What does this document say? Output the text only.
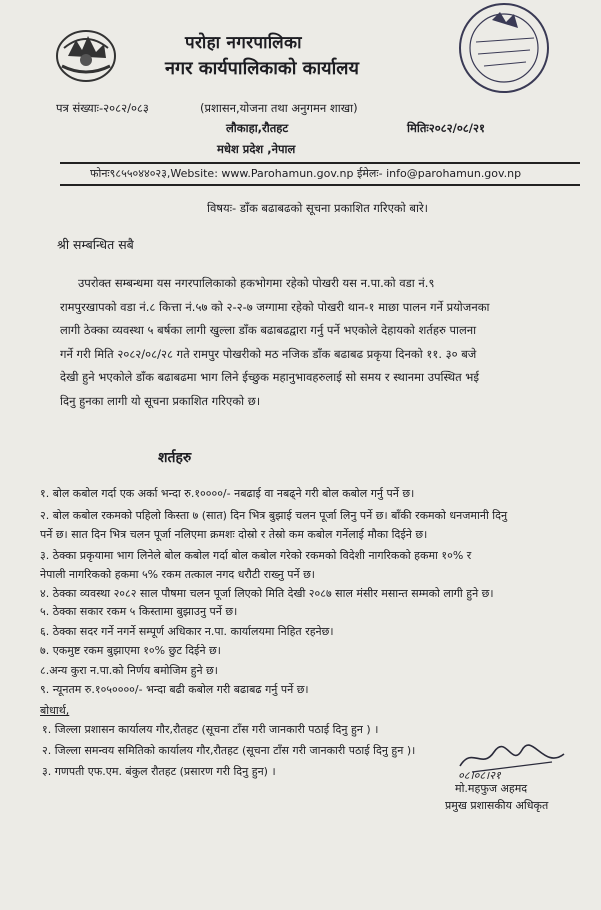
परोहा नगरपालिका
नगर कार्यपालिकाको कार्यालय
पत्र संख्याः-२०८२/०८३	(प्रशासन,योजना तथा अनुगमन शाखा)
लौकाहा,रौतहट	मितिः२०८२/०८/२१
मधेश प्रदेश ,नेपाल
फोनः९८५५०४४०२३,Website: www.Parohamun.gov.np ईमेलः- info@parohamun.gov.np
विषयः- डाँक बढाबढको सूचना प्रकाशित गरिएको बारे।
श्री सम्बन्धित सबै
उपरोक्त सम्बन्धमा यस नगरपालिकाको हकभोगमा रहेको पोखरी यस न.पा.को वडा नं.९
रामपुरखापको वडा नं.८ कित्ता नं.५७ को २-२-७ जग्गामा रहेको पोखरी थान-१ माछा पालन गर्ने प्रयोजनका
लागी ठेक्का व्यवस्था ५ बर्षका लागी खुल्ला डाँक बढाबढद्वारा गर्नु पर्ने भएकोले देहायको शर्तहरु पालना
गर्ने गरी मिति २०८२/०८/२८ गते रामपुर पोखरीको मठ नजिक डाँक बढाबढ प्रकृया दिनको ११. ३० बजे
देखी हुने भएकोले डाँक बढाबढमा भाग लिने ईच्छुक महानुभावहरुलाई सो समय र स्थानमा उपस्थित भई
दिनु हुनका लागी यो सूचना प्रकाशित गरिएको छ।
शर्तहरु
१. बोल कबोल गर्दा एक अर्का भन्दा रु.१००००/- नबढाई वा नबढ्ने गरी बोल कबोल गर्नु पर्ने छ।
२. बोल कबोल रकमको पहिलो किस्ता ७ (सात) दिन भित्र बुझाई चलन पूर्जा लिनु पर्ने छ। बाँकी रकमको धनजमानी दिनु
पर्ने छ। सात दिन भित्र चलन पूर्जा नलिएमा क्रमशः दोस्रो र तेस्रो कम कबोल गर्नेलाई मौका दिईने छ।
३. ठेक्का प्रकृयामा भाग लिनेले बोल कबोल गर्दा बोल कबोल गरेको रकमको विदेशी नागरिकको हकमा १०% र
नेपाली नागरिकको हकमा ५% रकम तत्काल नगद धरौटी राख्नु पर्ने छ।
४. ठेक्का व्यवस्था २०८२ साल पौषमा चलन पूर्जा लिएको मिति देखी २०८७ साल मंसीर मसान्त सम्मको लागी हुने छ।
५. ठेक्का सकार रकम ५ किस्तामा बुझाउनु पर्ने छ।
६. ठेक्का सदर गर्ने नगर्ने सम्पूर्ण अधिकार न.पा. कार्यालयमा निहित रहनेछ।
७. एकमुष्ट रकम बुझाएमा १०% छुट दिईने छ।
८.अन्य कुरा न.पा.को निर्णय बमोजिम हुने छ।
९. न्यूनतम रु.१०५००००/- भन्दा बढी कबोल गरी बढाबढ गर्नु पर्ने छ।
बोधार्थ,
१. जिल्ला प्रशासन कार्यालय गौर,रौतहट (सूचना टाँस गरी जानकारी पठाई दिनु हुन ) ।
२. जिल्ला समन्वय समितिको कार्यालय गौर,रौतहट (सूचना टाँस गरी जानकारी पठाई दिनु हुन )।
३. गणपती एफ.एम. बंकुल रौतहट (प्रसारण गरी दिनु हुन) ।	०८।०८।२१
मो.महफुज अहमद
प्रमुख प्रशासकीय अधिकृत
